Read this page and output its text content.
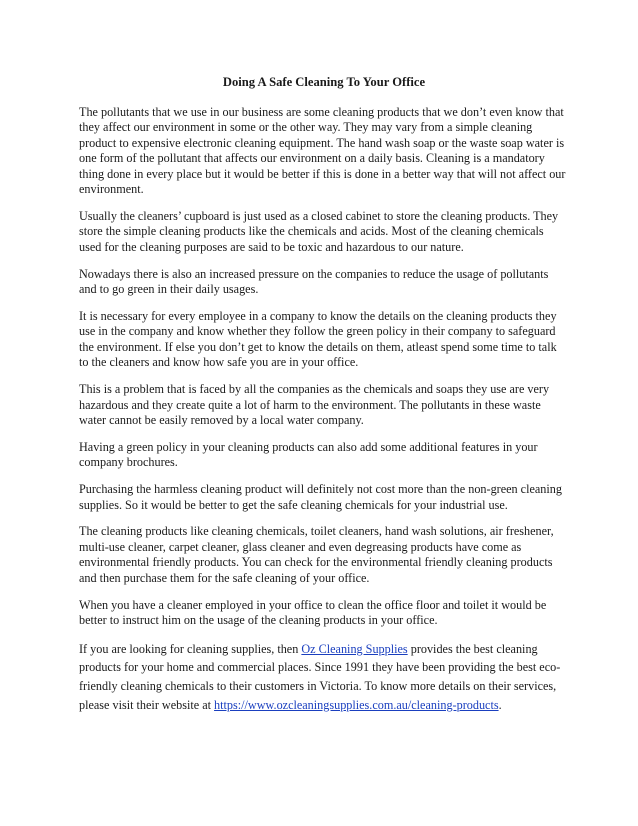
Doing A Safe Cleaning To Your Office

The pollutants that we use in our business are some cleaning products that we don’t even know that they affect our environment in some or the other way. They may vary from a simple cleaning product to expensive electronic cleaning equipment. The hand wash soap or the waste soap water is one form of the pollutant that affects our environment on a daily basis. Cleaning is a mandatory thing done in every place but it would be better if this is done in a better way that will not affect our environment.

Usually the cleaners’ cupboard is just used as a closed cabinet to store the cleaning products. They store the simple cleaning products like the chemicals and acids. Most of the cleaning chemicals used for the cleaning purposes are said to be toxic and hazardous to our nature.

Nowadays there is also an increased pressure on the companies to reduce the usage of pollutants and to go green in their daily usages.

It is necessary for every employee in a company to know the details on the cleaning products they use in the company and know whether they follow the green policy in their company to safeguard the environment. If else you don’t get to know the details on them, atleast spend some time to talk to the cleaners and know how safe you are in your office.

This is a problem that is faced by all the companies as the chemicals and soaps they use are very hazardous and they create quite a lot of harm to the environment. The pollutants in these waste water cannot be easily removed by a local water company.

Having a green policy in your cleaning products can also add some additional features in your company brochures.

Purchasing the harmless cleaning product will definitely not cost more than the non-green cleaning supplies. So it would be better to get the safe cleaning chemicals for your industrial use.

The cleaning products like cleaning chemicals, toilet cleaners, hand wash solutions, air freshener, multi-use cleaner, carpet cleaner, glass cleaner and even degreasing products have come as environmental friendly products. You can check for the environmental friendly cleaning products and then purchase them for the safe cleaning of your office.

When you have a cleaner employed in your office to clean the office floor and toilet it would be better to instruct him on the usage of the cleaning products in your office.

If you are looking for cleaning supplies, then Oz Cleaning Supplies provides the best cleaning products for your home and commercial places. Since 1991 they have been providing the best eco-friendly cleaning chemicals to their customers in Victoria. To know more details on their services, please visit their website at https://www.ozcleaningsupplies.com.au/cleaning-products.
